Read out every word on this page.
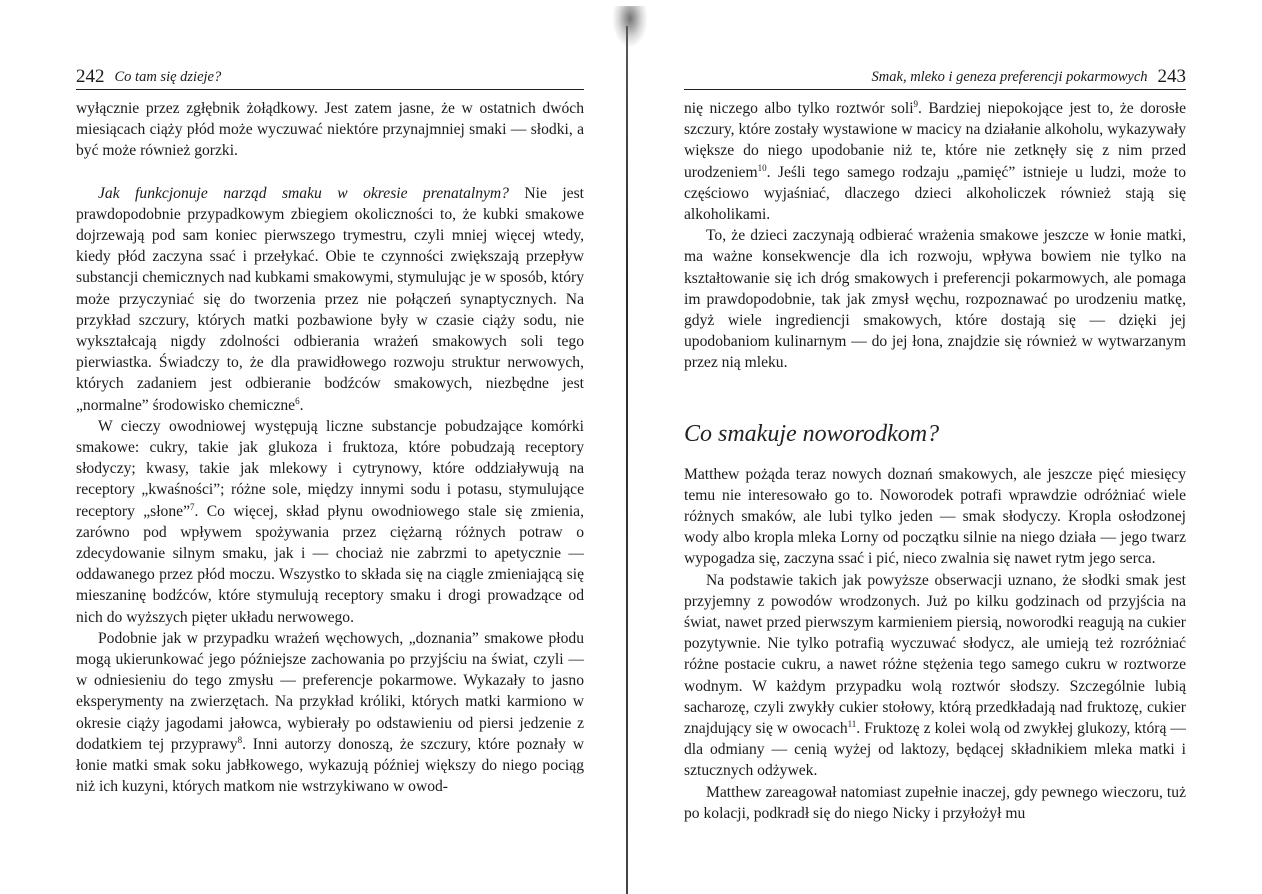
242 Co tam się dzieje?

wyłącznie przez zgłębnik żołądkowy. Jest zatem jasne, że w ostatnich dwóch miesiącach ciąży płód może wyczuwać niektóre przynajmniej smaki — słodki, a być może również gorzki.

Jak funkcjonuje narząd smaku w okresie prenatalnym? Nie jest prawdopodobnie przypadkowym zbiegiem okoliczności to, że kubki smakowe dojrzewają pod sam koniec pierwszego trymestru, czyli mniej więcej wtedy, kiedy płód zaczyna ssać i przełykać. Obie te czynności zwiększają przepływ substancji chemicznych nad kubkami smakowymi, stymulując je w sposób, który może przyczyniać się do tworzenia przez nie połączeń synaptycznych. Na przykład szczury, których matki pozbawione były w czasie ciąży sodu, nie wykształcają nigdy zdolności odbierania wrażeń smakowych soli tego pierwiastka. Świadczy to, że dla prawidłowego rozwoju struktur nerwowych, których zadaniem jest odbieranie bodźców smakowych, niezbędne jest „normalne” środowisko chemiczne$^6$.

W cieczy owodniowej występują liczne substancje pobudzające komórki smakowe: cukry, takie jak glukoza i fruktoza, które pobudzają receptory słodyczy; kwasy, takie jak mlekowy i cytrynowy, które oddziaływują na receptory „kwaśności”; różne sole, między innymi sodu i potasu, stymulujące receptory „słone”$^7$. Co więcej, skład płynu owodniowego stale się zmienia, zarówno pod wpływem spożywania przez ciężarną różnych potraw o zdecydowanie silnym smaku, jak i — chociaż nie zabrzmi to apetycznie — oddawanego przez płód moczu. Wszystko to składa się na ciągle zmieniającą się mieszaninę bodźców, które stymulują receptory smaku i drogi prowadzące od nich do wyższych pięter układu nerwowego.

Podobnie jak w przypadku wrażeń węchowych, „doznania” smakowe płodu mogą ukierunkować jego późniejsze zachowania po przyjściu na świat, czyli — w odniesieniu do tego zmysłu — preferencje pokarmowe. Wykazały to jasno eksperymenty na zwierzętach. Na przykład króliki, których matki karmiono w okresie ciąży jagodami jałowca, wybierały po odstawieniu od piersi jedzenie z dodatkiem tej przyprawy$^8$. Inni autorzy donoszą, że szczury, które poznały w łonie matki smak soku jabłkowego, wykazują później większy do niego pociąg niż ich kuzyni, których matkom nie wstrzykiwano w owod-

Smak, mleko i geneza preferencji pokarmowych 243

nię niczego albo tylko roztwór soli$^9$. Bardziej niepokojące jest to, że dorosłe szczury, które zostały wystawione w macicy na działanie alkoholu, wykazywały większe do niego upodobanie niż te, które nie zetknęły się z nim przed urodzeniem$^{10}$. Jeśli tego samego rodzaju „pamięć” istnieje u ludzi, może to częściowo wyjaśniać, dlaczego dzieci alkoholiczek również stają się alkoholikami.

To, że dzieci zaczynają odbierać wrażenia smakowe jeszcze w łonie matki, ma ważne konsekwencje dla ich rozwoju, wpływa bowiem nie tylko na kształtowanie się ich dróg smakowych i preferencji pokarmowych, ale pomaga im prawdopodobnie, tak jak zmysł węchu, rozpoznawać po urodzeniu matkę, gdyż wiele ingrediencji smakowych, które dostają się — dzięki jej upodobaniom kulinarnym — do jej łona, znajdzie się również w wytwarzanym przez nią mleku.

Co smakuje noworodkom?

Matthew pożąda teraz nowych doznań smakowych, ale jeszcze pięć miesięcy temu nie interesowało go to. Noworodek potrafi wprawdzie odróżniać wiele różnych smaków, ale lubi tylko jeden — smak słodyczy. Kropla osłodzonej wody albo kropla mleka Lorny od początku silnie na niego działa — jego twarz wypogadza się, zaczyna ssać i pić, nieco zwalnia się nawet rytm jego serca.

Na podstawie takich jak powyższe obserwacji uznano, że słodki smak jest przyjemny z powodów wrodzonych. Już po kilku godzinach od przyjścia na świat, nawet przed pierwszym karmieniem piersią, noworodki reagują na cukier pozytywnie. Nie tylko potrafią wyczuwać słodycz, ale umieją też rozróżniać różne postacie cukru, a nawet różne stężenia tego samego cukru w roztworze wodnym. W każdym przypadku wolą roztwór słodszy. Szczególnie lubią sacharozę, czyli zwykły cukier stołowy, którą przedkładają nad fruktozę, cukier znajdujący się w owocach$^{11}$. Fruktozę z kolei wolą od zwykłej glukozy, którą — dla odmiany — cenią wyżej od laktozy, będącej składnikiem mleka matki i sztucznych odżywek.

Matthew zareagował natomiast zupełnie inaczej, gdy pewnego wieczoru, tuż po kolacji, podkradł się do niego Nicky i przyłożył mu
